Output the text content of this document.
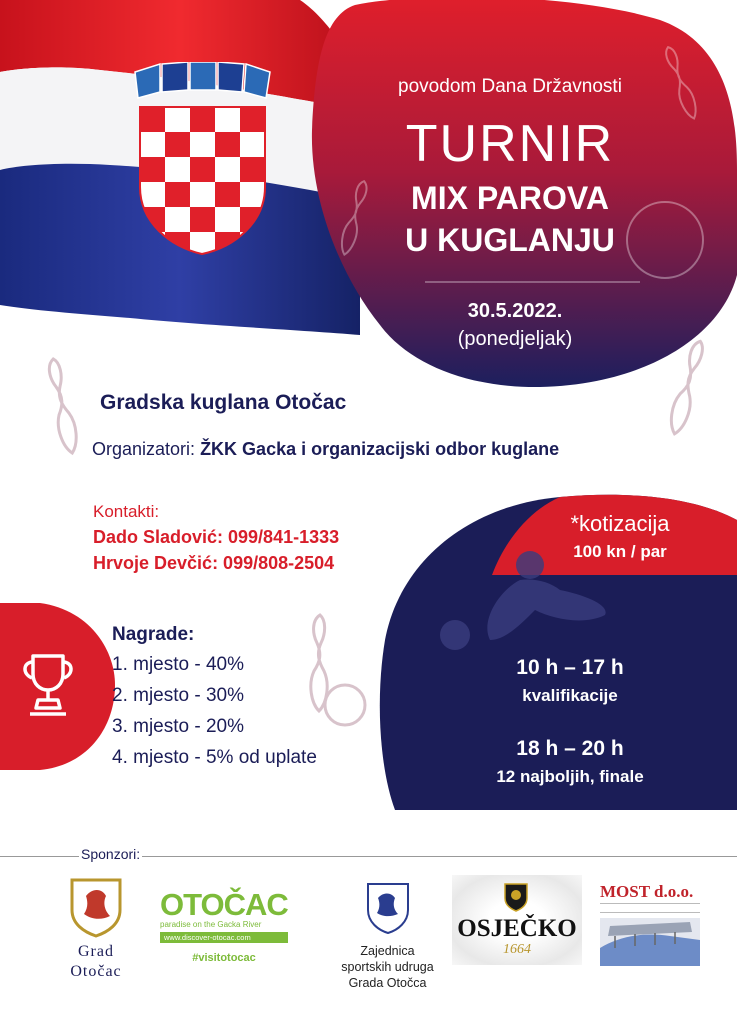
povodom Dana Državnosti
TURNIR
MIX PAROVA
U KUGLANJU
30.5.2022.
(ponedjeljak)
Gradska kuglana Otočac
Organizatori: ŽKK Gacka i organizacijski odbor kuglane
Kontakti:
Dado Sladović: 099/841-1333
Hrvoje Devčić: 099/808-2504
*kotizacija
100 kn / par
Nagrade:
1. mjesto - 40%
2. mjesto - 30%
3. mjesto - 20%
4. mjesto - 5% od uplate
10 h – 17 h
kvalifikacije
18 h – 20 h
12 najboljih, finale
Sponzori:
Grad
Otočac
OTOČAC
paradise on the Gacka River
www.discover-otocac.com
#visitotocac	Zajednica
sportskih udruga
Grada Otočca
OSJEČKO
1664
MOST d.o.o.
